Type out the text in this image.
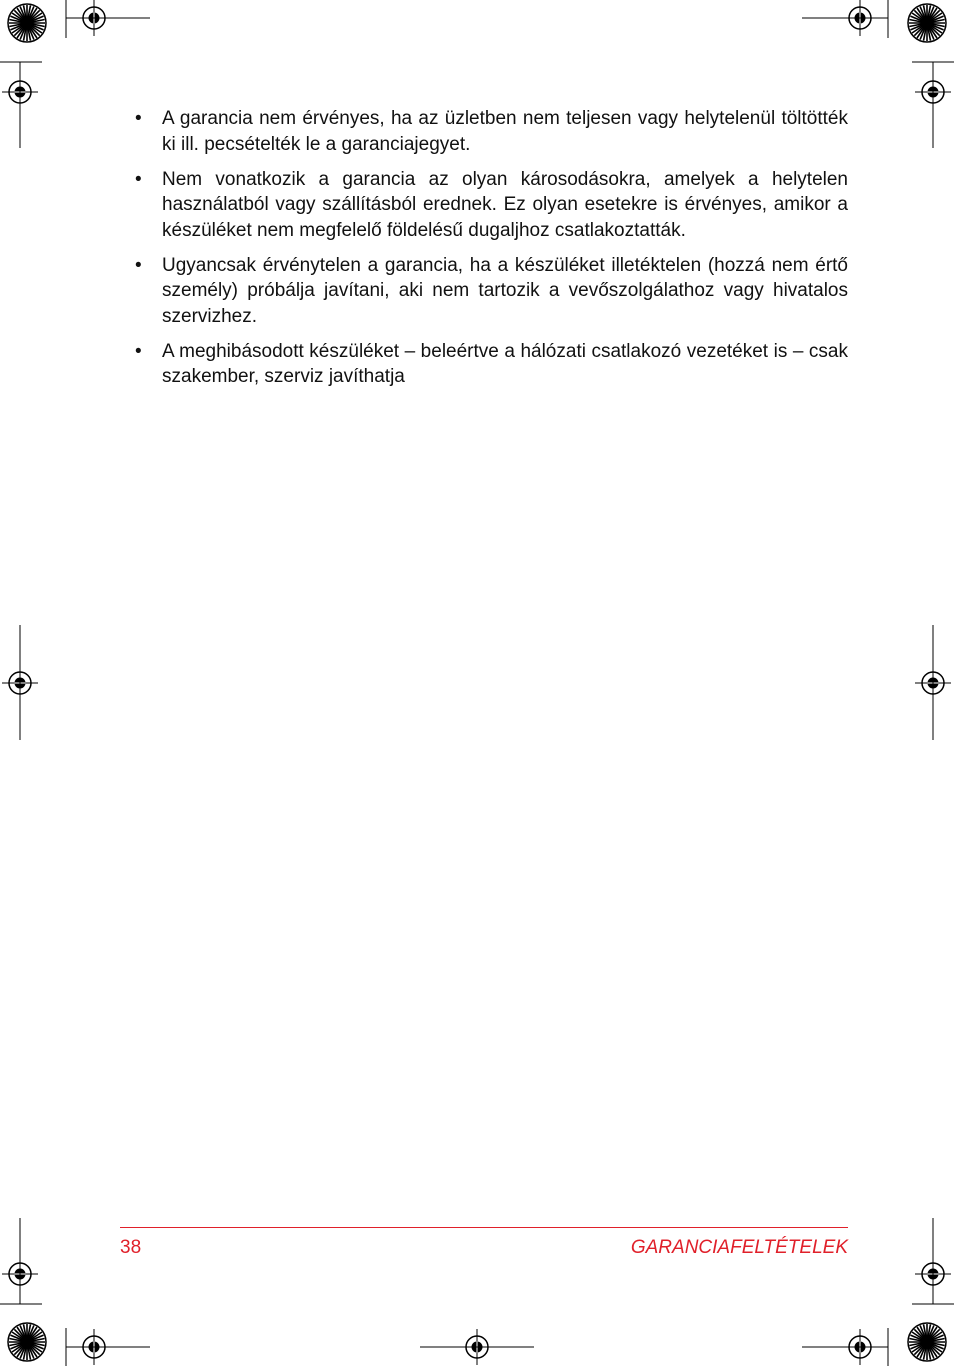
• A garancia nem érvényes, ha az üzletben nem teljesen vagy helytelenül töltötték ki ill. pecsételték le a garanciajegyet.
• Nem vonatkozik a garancia az olyan károsodásokra, amelyek a helytelen használatból vagy szállításból erednek. Ez olyan esetekre is érvényes, amikor a készüléket nem megfelelő földelésű dugaljhoz csatlakoztatták.
• Ugyancsak érvénytelen a garancia, ha a készüléket illetéktelen (hozzá nem értő személy) próbálja javítani, aki nem tartozik a vevőszolgálathoz vagy hivatalos szervizhez.
• A meghibásodott készüléket – beleértve a hálózati csatlakozó vezetéket is – csak szakember, szerviz javíthatja
38	GARANCIAFELTÉTELEK
